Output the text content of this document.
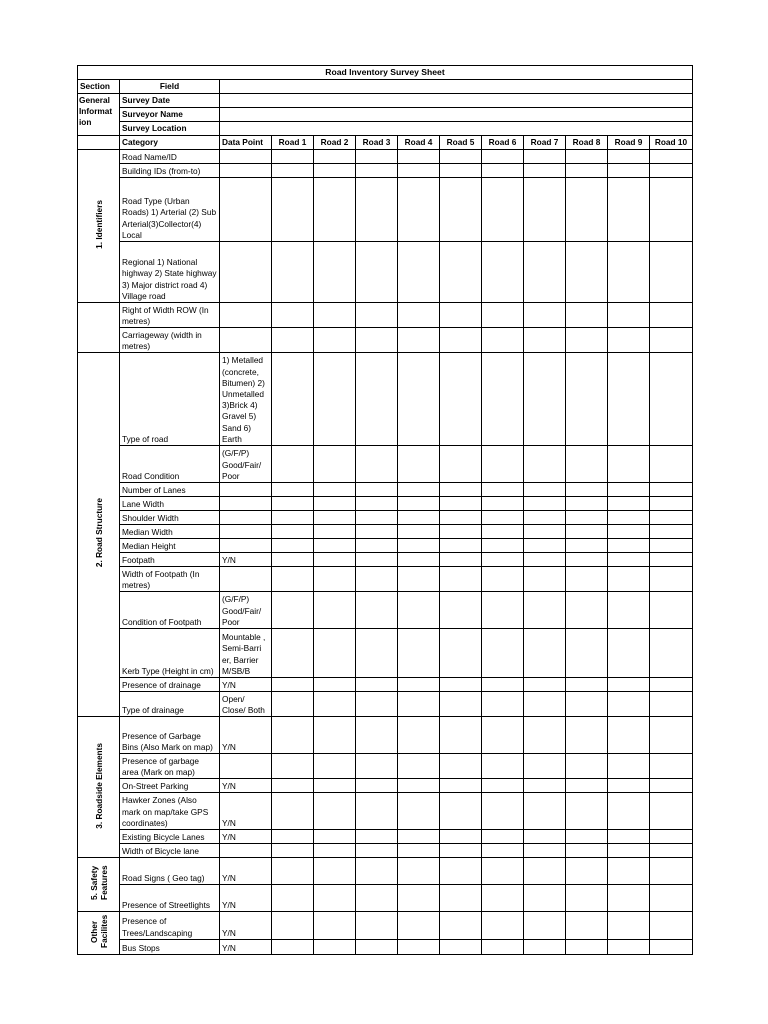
Road Inventory Survey Sheet												
Section	Field											
General Informat ion	Survey Date											
	Surveyor Name											
	Survey Location											
	Category	Data Point	Road 1	Road 2	Road 3	Road 4	Road 5	Road 6	Road 7	Road 8	Road 9	Road 10
1. Identifiers	Road Name/ID											

	Building IDs (from-to)											

	Road Type (Urban Roads) 1) Arterial (2) Sub Arterial(3)Collector(4) Local											

	Regional 1) National highway 2) State highway 3) Major district road 4) Village road											

	Right of Width ROW (In metres)											

	Carriageway (width in metres)											

2. Road Structure	Type of road	1) Metalled (concrete, Bitumen) 2) Unmetalled 3)Brick 4) Gravel 5) Sand 6) Earth										

	Road Condition	(G/F/P) Good/Fair/ Poor										

	Number of Lanes											

	Lane Width											

	Shoulder Width											

	Median Width											

	Median Height											

	Footpath	Y/N										

	Width of Footpath (In metres)											

	Condition of Footpath	(G/F/P) Good/Fair/ Poor										

	Kerb Type (Height in cm)	Mountable , Semi-Barri er, Barrier M/SB/B										

	Presence of drainage	Y/N										

	Type of drainage	Open/ Close/ Both										

3. Roadside Elements	Presence of Garbage Bins (Also Mark on map)	Y/N										

	Presence of garbage area (Mark on map)											

	On-Street Parking	Y/N										

	Hawker Zones (Also mark on map/take GPS coordinates)	Y/N										

	Existing Bicycle Lanes	Y/N										

	Width of Bicycle lane											

5. Safety Features	Road Signs ( Geo tag)	Y/N										

	Presence of Streetlights	Y/N										

Other Facilites	Presence of Trees/Landscaping	Y/N										

	Bus Stops	Y/N										
